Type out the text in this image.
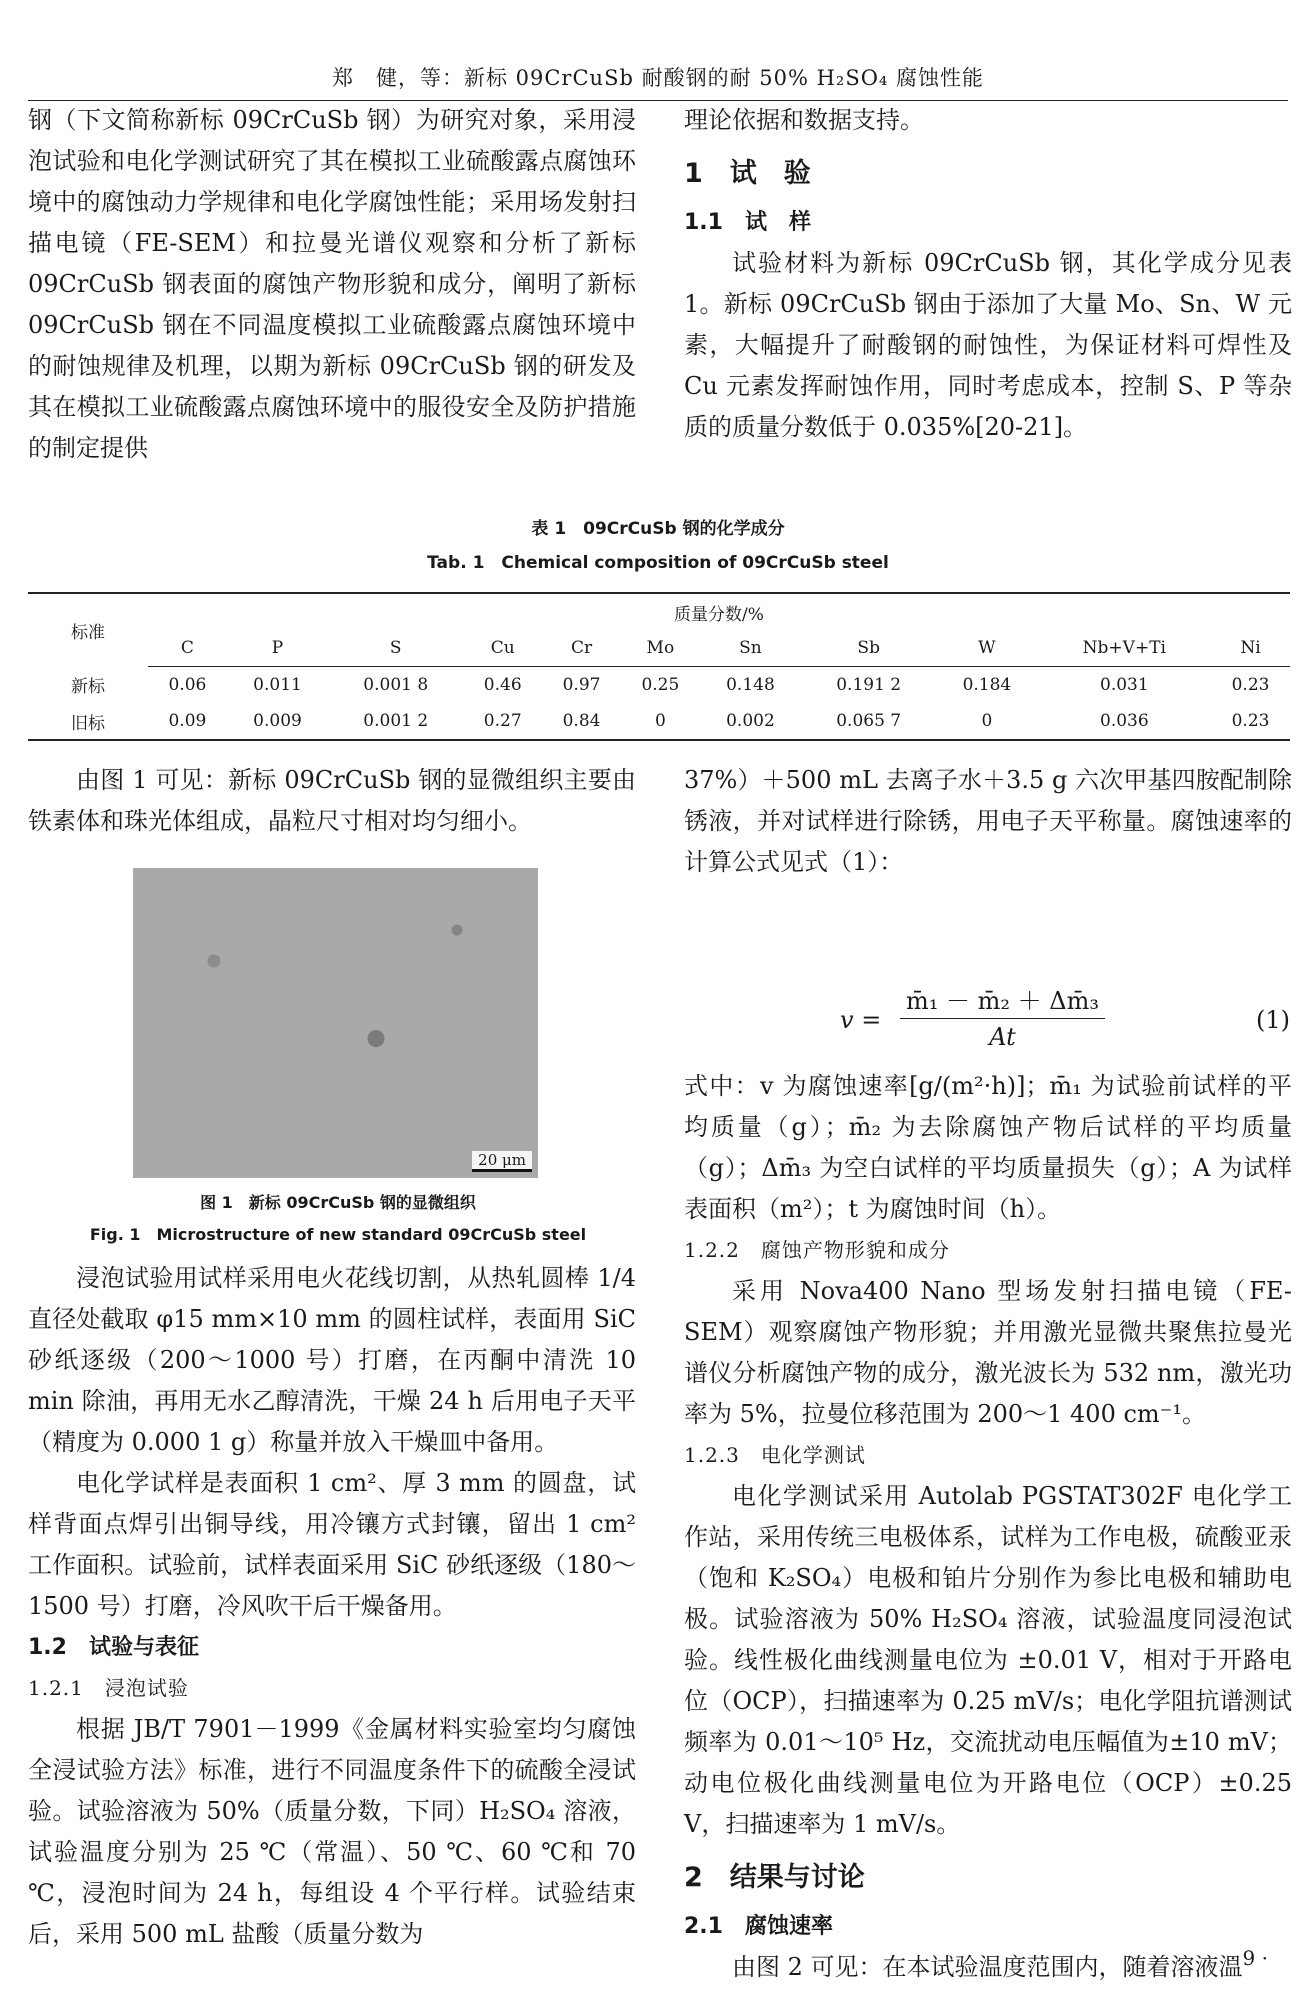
郑　健，等：新标 09CrCuSb 耐酸钢的耐 50% H₂SO₄ 腐蚀性能

钢（下文简称新标 09CrCuSb 钢）为研究对象，采用浸泡试验和电化学测试研究了其在模拟工业硫酸露点腐蚀环境中的腐蚀动力学规律和电化学腐蚀性能；采用场发射扫描电镜（FE-SEM）和拉曼光谱仪观察和分析了新标 09CrCuSb 钢表面的腐蚀产物形貌和成分，阐明了新标 09CrCuSb 钢在不同温度模拟工业硫酸露点腐蚀环境中的耐蚀规律及机理，以期为新标 09CrCuSb 钢的研发及其在模拟工业硫酸露点腐蚀环境中的服役安全及防护措施的制定提供

理论依据和数据支持。

1　试　验
1.1　试　样

试验材料为新标 09CrCuSb 钢，其化学成分见表 1。新标 09CrCuSb 钢由于添加了大量 Mo、Sn、W 元素，大幅提升了耐酸钢的耐蚀性，为保证材料可焊性及 Cu 元素发挥耐蚀作用，同时考虑成本，控制 S、P 等杂质的质量分数低于 0.035%[20-21]。

表 1　09CrCuSb 钢的化学成分
Tab. 1　Chemical composition of 09CrCuSb steel
标准	质量分数/%										
	C	P	S	Cu	Cr	Mo	Sn	Sb	W	Nb+V+Ti	Ni
新标	0.06	0.011	0.001 8	0.46	0.97	0.25	0.148	0.191 2	0.184	0.031	0.23
旧标	0.09	0.009	0.001 2	0.27	0.84	0	0.002	0.065 7	0	0.036	0.23

由图 1 可见：新标 09CrCuSb 钢的显微组织主要由铁素体和珠光体组成，晶粒尺寸相对均匀细小。

20 μm
图 1　新标 09CrCuSb 钢的显微组织
Fig. 1　Microstructure of new standard 09CrCuSb steel

浸泡试验用试样采用电火花线切割，从热轧圆棒 1/4 直径处截取 φ15 mm×10 mm 的圆柱试样，表面用 SiC 砂纸逐级（200～1000 号）打磨，在丙酮中清洗 10 min 除油，再用无水乙醇清洗，干燥 24 h 后用电子天平（精度为 0.000 1 g）称量并放入干燥皿中备用。

电化学试样是表面积 1 cm²、厚 3 mm 的圆盘，试样背面点焊引出铜导线，用冷镶方式封镶，留出 1 cm² 工作面积。试验前，试样表面采用 SiC 砂纸逐级（180～1500 号）打磨，冷风吹干后干燥备用。

1.2　试验与表征
1.2.1　浸泡试验

根据 JB/T 7901－1999《金属材料实验室均匀腐蚀全浸试验方法》标准，进行不同温度条件下的硫酸全浸试验。试验溶液为 50%（质量分数，下同）H₂SO₄ 溶液，试验温度分别为 25 ℃（常温）、50 ℃、60 ℃和 70 ℃，浸泡时间为 24 h，每组设 4 个平行样。试验结束后，采用 500 mL 盐酸（质量分数为

37%）＋500 mL 去离子水＋3.5 g 六次甲基四胺配制除锈液，并对试样进行除锈，用电子天平称量。腐蚀速率的计算公式见式（1）：

$v = \frac{\text{m̄₁ － m̄₂ ＋ Δm̄₃}}{At}$	(1)

式中：v 为腐蚀速率[g/(m²·h)]；m̄₁ 为试验前试样的平均质量（g）；m̄₂ 为去除腐蚀产物后试样的平均质量（g）；Δm̄₃ 为空白试样的平均质量损失（g）；A 为试样表面积（m²）；t 为腐蚀时间（h）。

1.2.2　腐蚀产物形貌和成分

采用 Nova400 Nano 型场发射扫描电镜（FE-SEM）观察腐蚀产物形貌；并用激光显微共聚焦拉曼光谱仪分析腐蚀产物的成分，激光波长为 532 nm，激光功率为 5%，拉曼位移范围为 200～1 400 cm⁻¹。

1.2.3　电化学测试

电化学测试采用 Autolab PGSTAT302F 电化学工作站，采用传统三电极体系，试样为工作电极，硫酸亚汞（饱和 K₂SO₄）电极和铂片分别作为参比电极和辅助电极。试验溶液为 50% H₂SO₄ 溶液，试验温度同浸泡试验。线性极化曲线测量电位为 ±0.01 V，相对于开路电位（OCP），扫描速率为 0.25 mV/s；电化学阻抗谱测试频率为 0.01～10⁵ Hz，交流扰动电压幅值为±10 mV；动电位极化曲线测量电位为开路电位（OCP）±0.25 V，扫描速率为 1 mV/s。

2　结果与讨论
2.1　腐蚀速率

由图 2 可见：在本试验温度范围内，随着溶液温

· 9 ·
